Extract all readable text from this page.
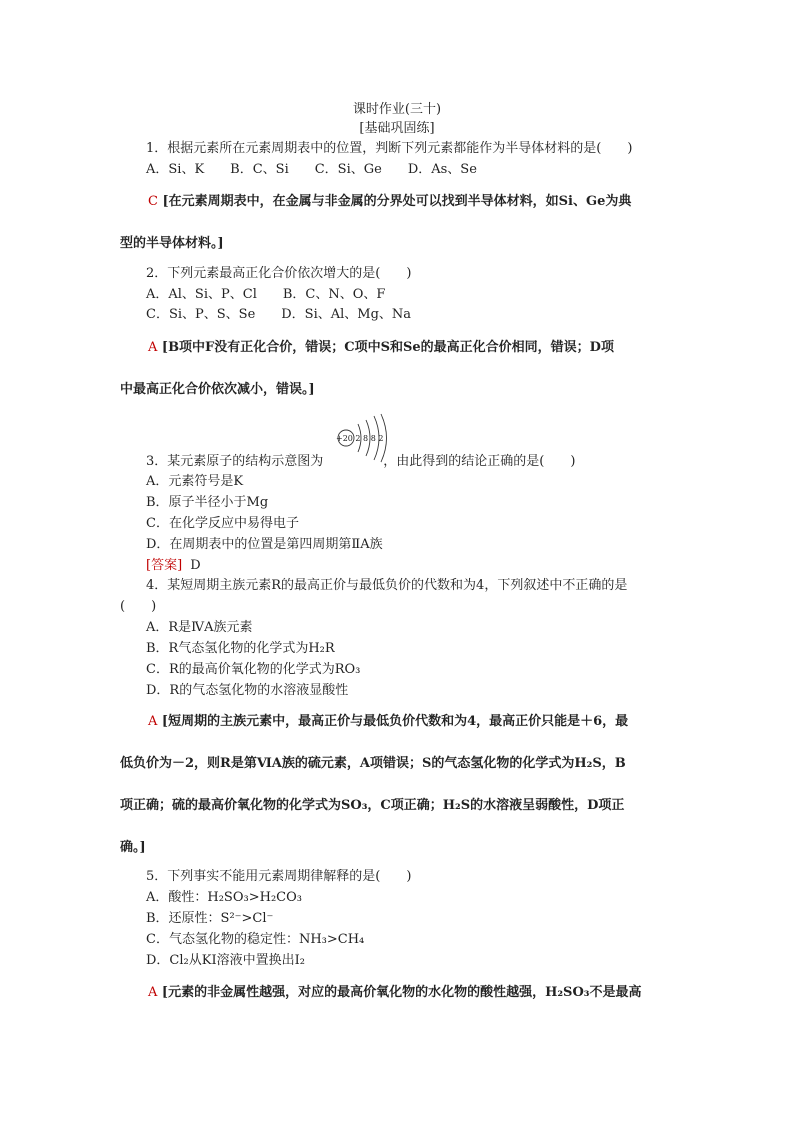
课时作业(三十)
[基础巩固练]
1．根据元素所在元素周期表中的位置，判断下列元素都能作为半导体材料的是(　　)
A．Si、K　　B．C、Si　　C．Si、Ge　　D．As、Se
C [在元素周期表中，在金属与非金属的分界处可以找到半导体材料，如Si、Ge为典
型的半导体材料。]
2．下列元素最高正化合价依次增大的是(　　)
A．Al、Si、P、Cl　　B．C、N、O、F
C．Si、P、S、Se　　D．Si、Al、Mg、Na
A [B项中F没有正化合价，错误；C项中S和Se的最高正化合价相同，错误；D项
中最高正化合价依次减小，错误。]
+20 2 8 8 2
3．某元素原子的结构示意图为	，由此得到的结论正确的是(　　)
A．元素符号是K
B．原子半径小于Mg
C．在化学反应中易得电子
D．在周期表中的位置是第四周期第ⅡA族
[答案] D
4．某短周期主族元素R的最高正价与最低负价的代数和为4，下列叙述中不正确的是
(　　)
A．R是ⅣA族元素
B．R气态氢化物的化学式为H₂R
C．R的最高价氧化物的化学式为RO₃
D．R的气态氢化物的水溶液显酸性
A [短周期的主族元素中，最高正价与最低负价代数和为4，最高正价只能是＋6，最
低负价为－2，则R是第ⅥA族的硫元素，A项错误；S的气态氢化物的化学式为H₂S，B
项正确；硫的最高价氧化物的化学式为SO₃，C项正确；H₂S的水溶液呈弱酸性，D项正
确。]
5．下列事实不能用元素周期律解释的是(　　)
A．酸性：H₂SO₃>H₂CO₃
B．还原性：S²⁻>Cl⁻
C．气态氢化物的稳定性：NH₃>CH₄
D．Cl₂从KI溶液中置换出I₂
A [元素的非金属性越强，对应的最高价氧化物的水化物的酸性越强，H₂SO₃不是最高
